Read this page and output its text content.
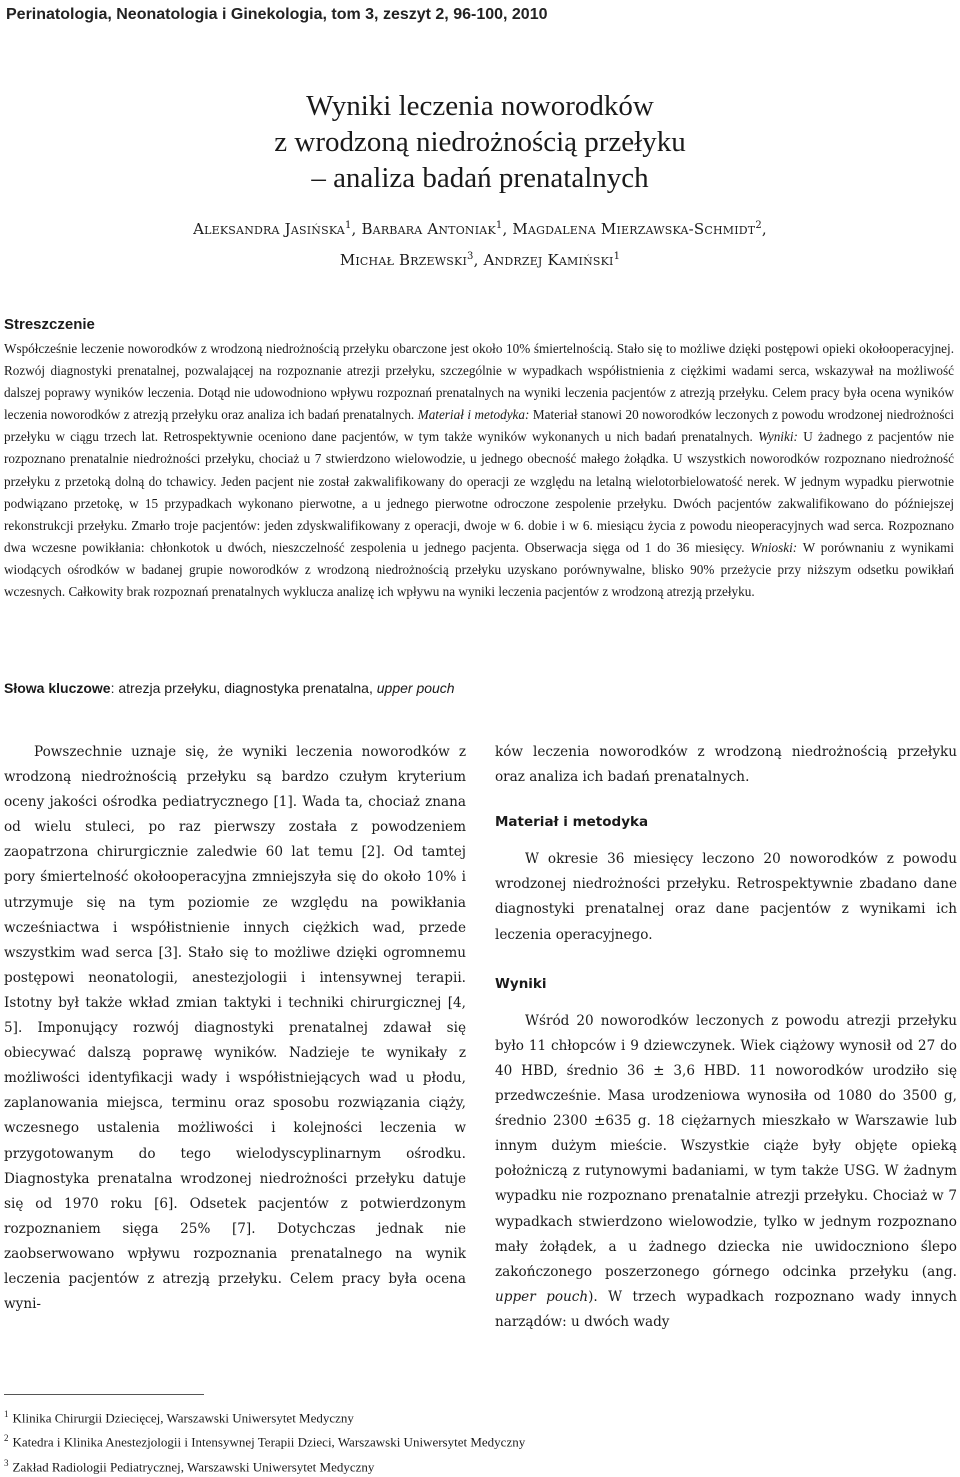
Perinatologia, Neonatologia i Ginekologia, tom 3, zeszyt 2, 96-100, 2010
Wyniki leczenia noworodków
z wrodzoną niedrożnością przełyku
– analiza badań prenatalnych
Aleksandra Jasińska$^1$, Barbara Antoniak$^1$, Magdalena Mierzawska-Schmidt$^2$,
Michał Brzewski$^3$, Andrzej Kamiński$^1$
Streszczenie

Współcześnie leczenie noworodków z wrodzoną niedrożnością przełyku obarczone jest około 10% śmiertelnością. Stało się to możliwe dzięki postępowi opieki okołooperacyjnej. Rozwój diagnostyki prenatalnej, pozwalającej na rozpoznanie atrezji przełyku, szczególnie w wypadkach współistnienia z ciężkimi wadami serca, wskazywał na możliwość dalszej poprawy wyników leczenia. Dotąd nie udowodniono wpływu rozpoznań prenatalnych na wyniki leczenia pacjentów z atrezją przełyku. Celem pracy była ocena wyników leczenia noworodków z atrezją przełyku oraz analiza ich badań prenatalnych. Materiał i metodyka: Materiał stanowi 20 noworodków leczonych z powodu wrodzonej niedrożności przełyku w ciągu trzech lat. Retrospektywnie oceniono dane pacjentów, w tym także wyników wykonanych u nich badań prenatalnych. Wyniki: U żadnego z pacjentów nie rozpoznano prenatalnie niedrożności przełyku, chociaż u 7 stwierdzono wielowodzie, u jednego obecność małego żołądka. U wszystkich noworodków rozpoznano niedrożność przełyku z przetoką dolną do tchawicy. Jeden pacjent nie został zakwalifikowany do operacji ze względu na letalną wielotorbielowatość nerek. W jednym wypadku pierwotnie podwiązano przetokę, w 15 przypadkach wykonano pierwotne, a u jednego pierwotne odroczone zespolenie przełyku. Dwóch pacjentów zakwalifikowano do późniejszej rekonstrukcji przełyku. Zmarło troje pacjentów: jeden zdyskwalifikowany z operacji, dwoje w 6. dobie i w 6. miesiącu życia z powodu nieoperacyjnych wad serca. Rozpoznano dwa wczesne powikłania: chłonkotok u dwóch, nieszczelność zespolenia u jednego pacjenta. Obserwacja sięga od 1 do 36 miesięcy. Wnioski: W porównaniu z wynikami wiodących ośrodków w badanej grupie noworodków z wrodzoną niedrożnością przełyku uzyskano porównywalne, blisko 90% przeżycie przy niższym odsetku powikłań wczesnych. Całkowity brak rozpoznań prenatalnych wyklucza analizę ich wpływu na wyniki leczenia pacjentów z wrodzoną atrezją przełyku.

Słowa kluczowe: atrezja przełyku, diagnostyka prenatalna, upper pouch

Powszechnie uznaje się, że wyniki leczenia noworodków z wrodzoną niedrożnością przełyku są bardzo czułym kryterium oceny jakości ośrodka pediatrycznego [1]. Wada ta, chociaż znana od wielu stuleci, po raz pierwszy została z powodzeniem zaopatrzona chirurgicznie zaledwie 60 lat temu [2]. Od tamtej pory śmiertelność okołooperacyjna zmniejszyła się do około 10% i utrzymuje się na tym poziomie ze względu na powikłania wcześniactwa i współistnienie innych ciężkich wad, przede wszystkim wad serca [3]. Stało się to możliwe dzięki ogromnemu postępowi neonatologii, anestezjologii i intensywnej terapii. Istotny był także wkład zmian taktyki i techniki chirurgicznej [4, 5]. Imponujący rozwój diagnostyki prenatalnej zdawał się obiecywać dalszą poprawę wyników. Nadzieje te wynikały z możliwości identyfikacji wady i współistniejących wad u płodu, zaplanowania miejsca, terminu oraz sposobu rozwiązania ciąży, wczesnego ustalenia możliwości i kolejności leczenia w przygotowanym do tego wielodyscyplinarnym ośrodku. Diagnostyka prenatalna wrodzonej niedrożności przełyku datuje się od 1970 roku [6]. Odsetek pacjentów z potwierdzonym rozpoznaniem sięga 25% [7]. Dotychczas jednak nie zaobserwowano wpływu rozpoznania prenatalnego na wynik leczenia pacjentów z atrezją przełyku. Celem pracy była ocena wyni-

ków leczenia noworodków z wrodzoną niedrożnością przełyku oraz analiza ich badań prenatalnych.

Materiał i metodyka

W okresie 36 miesięcy leczono 20 noworodków z powodu wrodzonej niedrożności przełyku. Retrospektywnie zbadano dane diagnostyki prenatalnej oraz dane pacjentów z wynikami ich leczenia operacyjnego.

Wyniki

Wśród 20 noworodków leczonych z powodu atrezji przełyku było 11 chłopców i 9 dziewczynek. Wiek ciążowy wynosił od 27 do 40 HBD, średnio 36 ± 3,6 HBD. 11 noworodków urodziło się przedwcześnie. Masa urodzeniowa wynosiła od 1080 do 3500 g, średnio 2300 ±635 g. 18 ciężarnych mieszkało w Warszawie lub innym dużym mieście. Wszystkie ciąże były objęte opieką położniczą z rutynowymi badaniami, w tym także USG. W żadnym wypadku nie rozpoznano prenatalnie atrezji przełyku. Chociaż w 7 wypadkach stwierdzono wielowodzie, tylko w jednym rozpoznano mały żołądek, a u żadnego dziecka nie uwidoczniono ślepo zakończonego poszerzonego górnego odcinka przełyku (ang. upper pouch). W trzech wypadkach rozpoznano wady innych narządów: u dwóch wady

$^1$ Klinika Chirurgii Dziecięcej, Warszawski Uniwersytet Medyczny
$^2$ Katedra i Klinika Anestezjologii i Intensywnej Terapii Dzieci, Warszawski Uniwersytet Medyczny
$^3$ Zakład Radiologii Pediatrycznej, Warszawski Uniwersytet Medyczny
